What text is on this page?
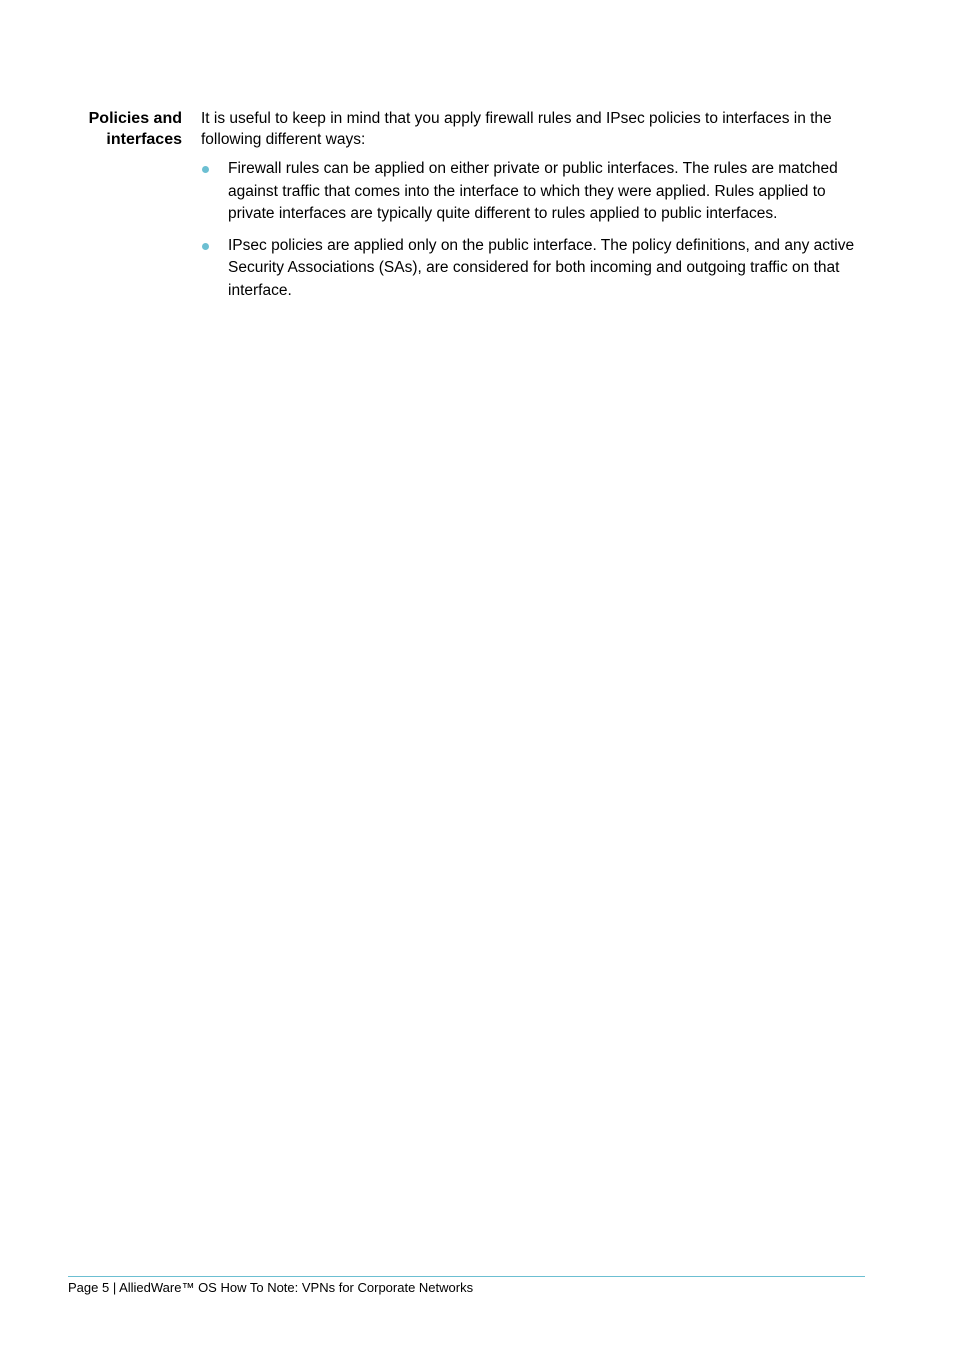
Policies and
interfaces

It is useful to keep in mind that you apply firewall rules and IPsec policies to interfaces in the following different ways:

Firewall rules can be applied on either private or public interfaces. The rules are matched against traffic that comes into the interface to which they were applied. Rules applied to private interfaces are typically quite different to rules applied to public interfaces.
IPsec policies are applied only on the public interface. The policy definitions, and any active Security Associations (SAs), are considered for both incoming and outgoing traffic on that interface.
Page 5 | AlliedWare™ OS How To Note: VPNs for Corporate Networks
